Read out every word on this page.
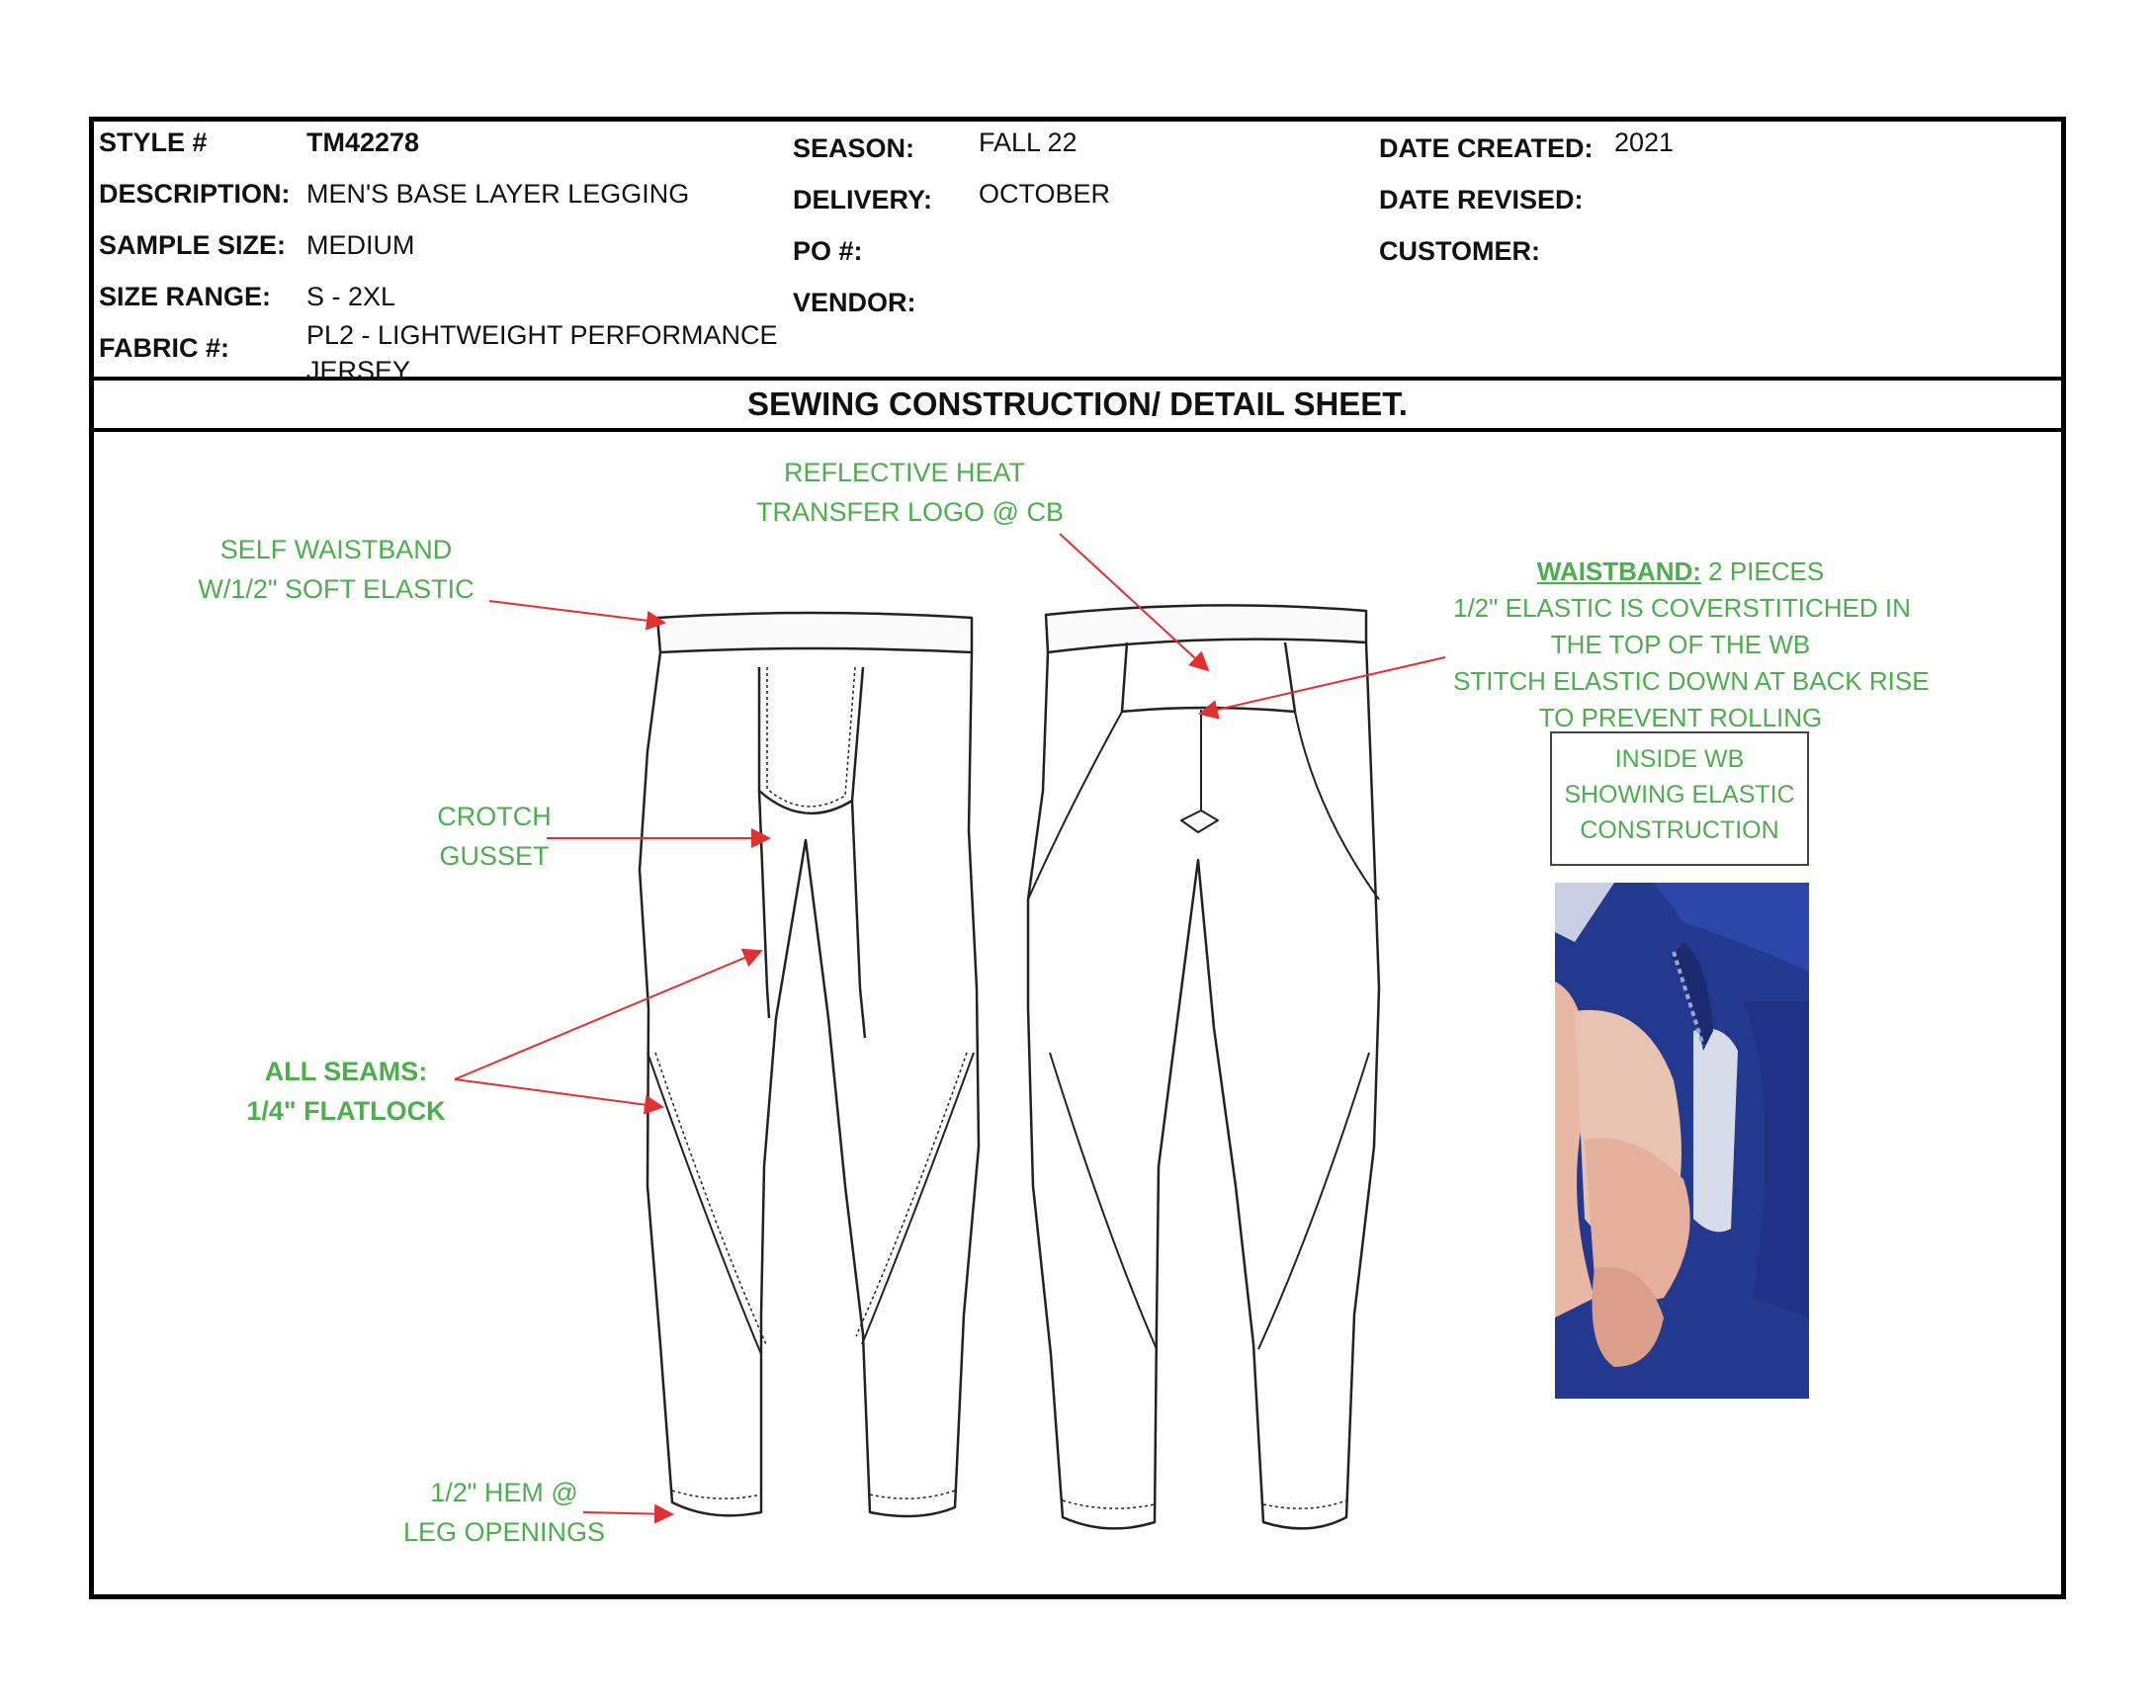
STYLE #	TM42278
DESCRIPTION: MEN'S BASE LAYER LEGGING
SAMPLE SIZE: MEDIUM
SIZE RANGE: S - 2XL
FABRIC #:	PL2 - LIGHTWEIGHT PERFORMANCE JERSEY
SEASON: FALL 22
DELIVERY: OCTOBER
PO #:
VENDOR:
DATE CREATED: 2021
DATE REVISED:
CUSTOMER:
SEWING CONSTRUCTION/ DETAIL SHEET.
SELF WAISTBAND
W/1/2" SOFT ELASTIC
REFLECTIVE HEAT
TRANSFER LOGO @ CB
CROTCH
GUSSET
ALL SEAMS:
1/4" FLATLOCK
1/2" HEM @
LEG OPENINGS
WAISTBAND: 2 PIECES
1/2" ELASTIC IS COVERSTITICHED IN
THE TOP OF THE WB
STITCH ELASTIC DOWN AT BACK RISE
TO PREVENT ROLLING
INSIDE WB
SHOWING ELASTIC
CONSTRUCTION
